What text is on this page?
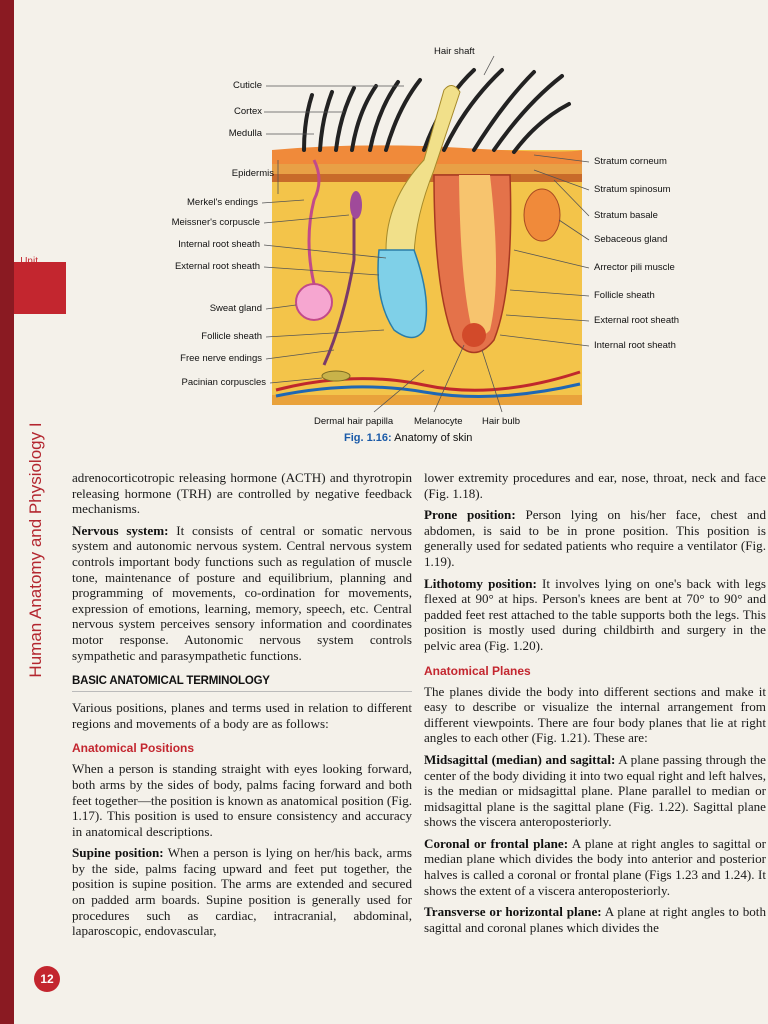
Human Anatomy and Physiology I
Hair shaft
Cuticle
Cortex
Medulla
Epidermis
Merkel's endings
Meissner's corpuscle
Internal root sheath
External root sheath
Sweat gland
Follicle sheath
Free nerve endings
Pacinian corpuscles
Stratum corneum
Stratum spinosum
Stratum basale
Sebaceous gland
Arrector pili muscle
Follicle sheath
External root sheath
Internal root sheath
Dermal hair papilla Melanocyte Hair bulb
Fig. 1.16: Anatomy of skin

adrenocorticotropic releasing hormone (ACTH) and thyrotropin releasing hormone (TRH) are controlled by negative feedback mechanisms.

Nervous system: It consists of central or somatic nervous system and autonomic nervous system. Central nervous system controls important body functions such as regulation of muscle tone, maintenance of posture and equilibrium, planning and programming of movements, co-ordination for movements, expression of emotions, learning, memory, speech, etc. Central nervous system perceives sensory information and coordinates motor response. Autonomic nervous system controls sympathetic and parasympathetic functions.

BASIC ANATOMICAL TERMINOLOGY

Various positions, planes and terms used in relation to different regions and movements of a body are as follows:

Anatomical Positions

When a person is standing straight with eyes looking forward, both arms by the sides of body, palms facing forward and both feet together—the position is known as anatomical position (Fig. 1.17). This position is used to ensure consistency and accuracy in anatomical descriptions.

Supine position: When a person is lying on her/his back, arms by the side, palms facing upward and feet put together, the position is supine position. The arms are extended and secured on padded arm boards. Supine position is generally used for procedures such as cardiac, intracranial, abdominal, laparoscopic, endovascular,

lower extremity procedures and ear, nose, throat, neck and face (Fig. 1.18).

Prone position: Person lying on his/her face, chest and abdomen, is said to be in prone position. This position is generally used for sedated patients who require a ventilator (Fig. 1.19).

Lithotomy position: It involves lying on one's back with legs flexed at 90° at hips. Person's knees are bent at 70° to 90° and padded feet rest attached to the table supports both the legs. This position is mostly used during childbirth and surgery in the pelvic area (Fig. 1.20).

Anatomical Planes

The planes divide the body into different sections and make it easy to describe or visualize the internal arrangement from different viewpoints. There are four body planes that lie at right angles to each other (Fig. 1.21). These are:

Midsagittal (median) and sagittal: A plane passing through the center of the body dividing it into two equal right and left halves, is the median or midsagittal plane. Plane parallel to median or midsagittal plane is the sagittal plane (Fig. 1.22). Sagittal plane shows the viscera anteroposteriorly.

Coronal or frontal plane: A plane at right angles to sagittal or median plane which divides the body into anterior and posterior halves is called a coronal or frontal plane (Figs 1.23 and 1.24). It shows the extent of a viscera anteroposteriorly.

Transverse or horizontal plane: A plane at right angles to both sagittal and coronal planes which divides the

12
